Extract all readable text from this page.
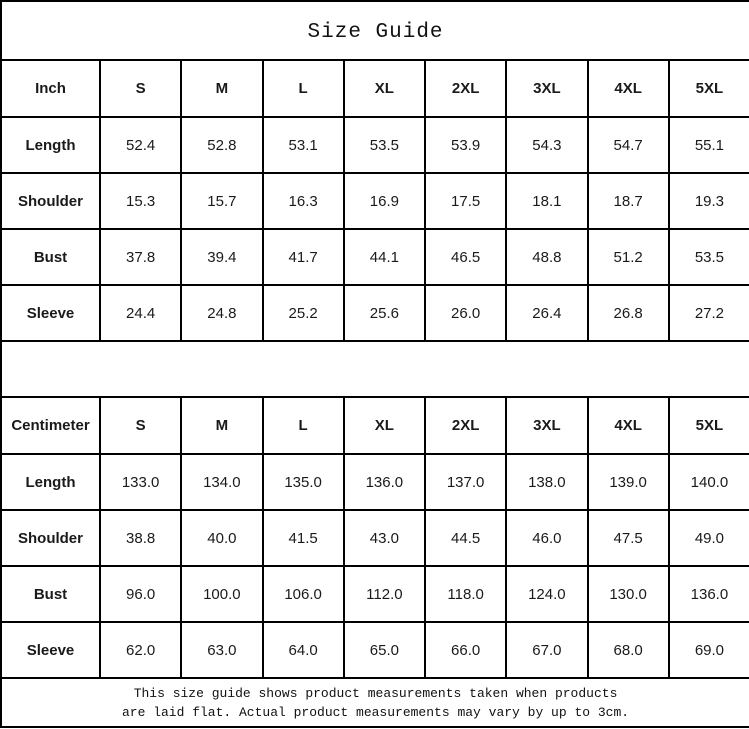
Size Guide								
Inch	S	M	L	XL	2XL	3XL	4XL	5XL
Length	52.4	52.8	53.1	53.5	53.9	54.3	54.7	55.1
Shoulder	15.3	15.7	16.3	16.9	17.5	18.1	18.7	19.3
Bust	37.8	39.4	41.7	44.1	46.5	48.8	51.2	53.5
Sleeve	24.4	24.8	25.2	25.6	26.0	26.4	26.8	27.2

Centimeter	S	M	L	XL	2XL	3XL	4XL	5XL
Length	133.0	134.0	135.0	136.0	137.0	138.0	139.0	140.0
Shoulder	38.8	40.0	41.5	43.0	44.5	46.0	47.5	49.0
Bust	96.0	100.0	106.0	112.0	118.0	124.0	130.0	136.0
Sleeve	62.0	63.0	64.0	65.0	66.0	67.0	68.0	69.0

This size guide shows product measurements taken when products
are laid flat. Actual product measurements may vary by up to 3cm.								
